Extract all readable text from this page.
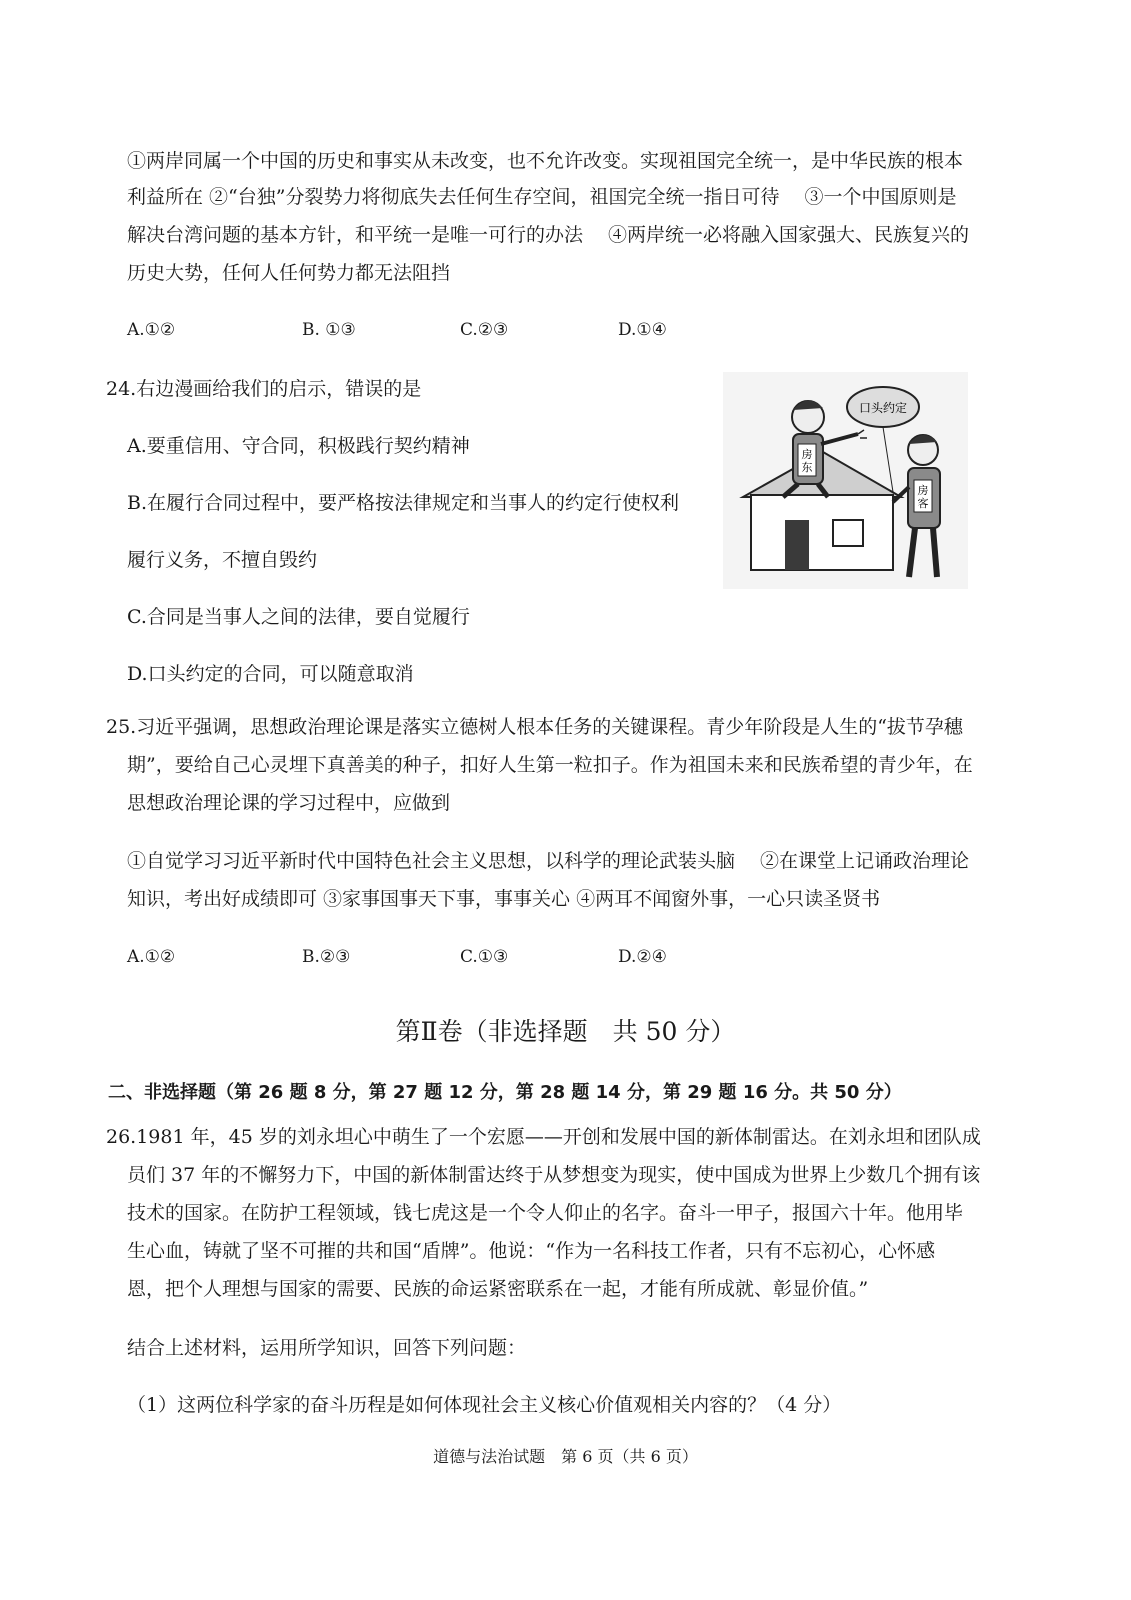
①两岸同属一个中国的历史和事实从未改变，也不允许改变。实现祖国完全统一，是中华民族的根本
利益所在 ②“台独”分裂势力将彻底失去任何生存空间，祖国完全统一指日可待　 ③一个中国原则是
解决台湾问题的基本方针，和平统一是唯一可行的办法　 ④两岸统一必将融入国家强大、民族复兴的
历史大势，任何人任何势力都无法阻挡
A.①②	B. ①③	C.②③	D.①④
24.右边漫画给我们的启示，错误的是
A.要重信用、守合同，积极践行契约精神
B.在履行合同过程中，要严格按法律规定和当事人的约定行使权利
履行义务，不擅自毁约
C.合同是当事人之间的法律，要自觉履行
D.口头约定的合同，可以随意取消
房
东
口头约定
房
客
25.习近平强调，思想政治理论课是落实立德树人根本任务的关键课程。青少年阶段是人生的“拔节孕穗
期”，要给自己心灵埋下真善美的种子，扣好人生第一粒扣子。作为祖国未来和民族希望的青少年，在
思想政治理论课的学习过程中，应做到
①自觉学习习近平新时代中国特色社会主义思想，以科学的理论武装头脑　 ②在课堂上记诵政治理论
知识，考出好成绩即可 ③家事国事天下事，事事关心 ④两耳不闻窗外事，一心只读圣贤书
A.①②	B.②③	C.①③	D.②④
第Ⅱ卷（非选择题　共 50 分）
二、非选择题（第 26 题 8 分，第 27 题 12 分，第 28 题 14 分，第 29 题 16 分。共 50 分）
26.1981 年，45 岁的刘永坦心中萌生了一个宏愿——开创和发展中国的新体制雷达。在刘永坦和团队成
员们 37 年的不懈努力下，中国的新体制雷达终于从梦想变为现实，使中国成为世界上少数几个拥有该
技术的国家。在防护工程领域，钱七虎这是一个令人仰止的名字。奋斗一甲子，报国六十年。他用毕
生心血，铸就了坚不可摧的共和国“盾牌”。他说：“作为一名科技工作者，只有不忘初心，心怀感
恩，把个人理想与国家的需要、民族的命运紧密联系在一起，才能有所成就、彰显价值。”
结合上述材料，运用所学知识，回答下列问题：
（1）这两位科学家的奋斗历程是如何体现社会主义核心价值观相关内容的？（4 分）
道德与法治试题　第 6 页（共 6 页）
